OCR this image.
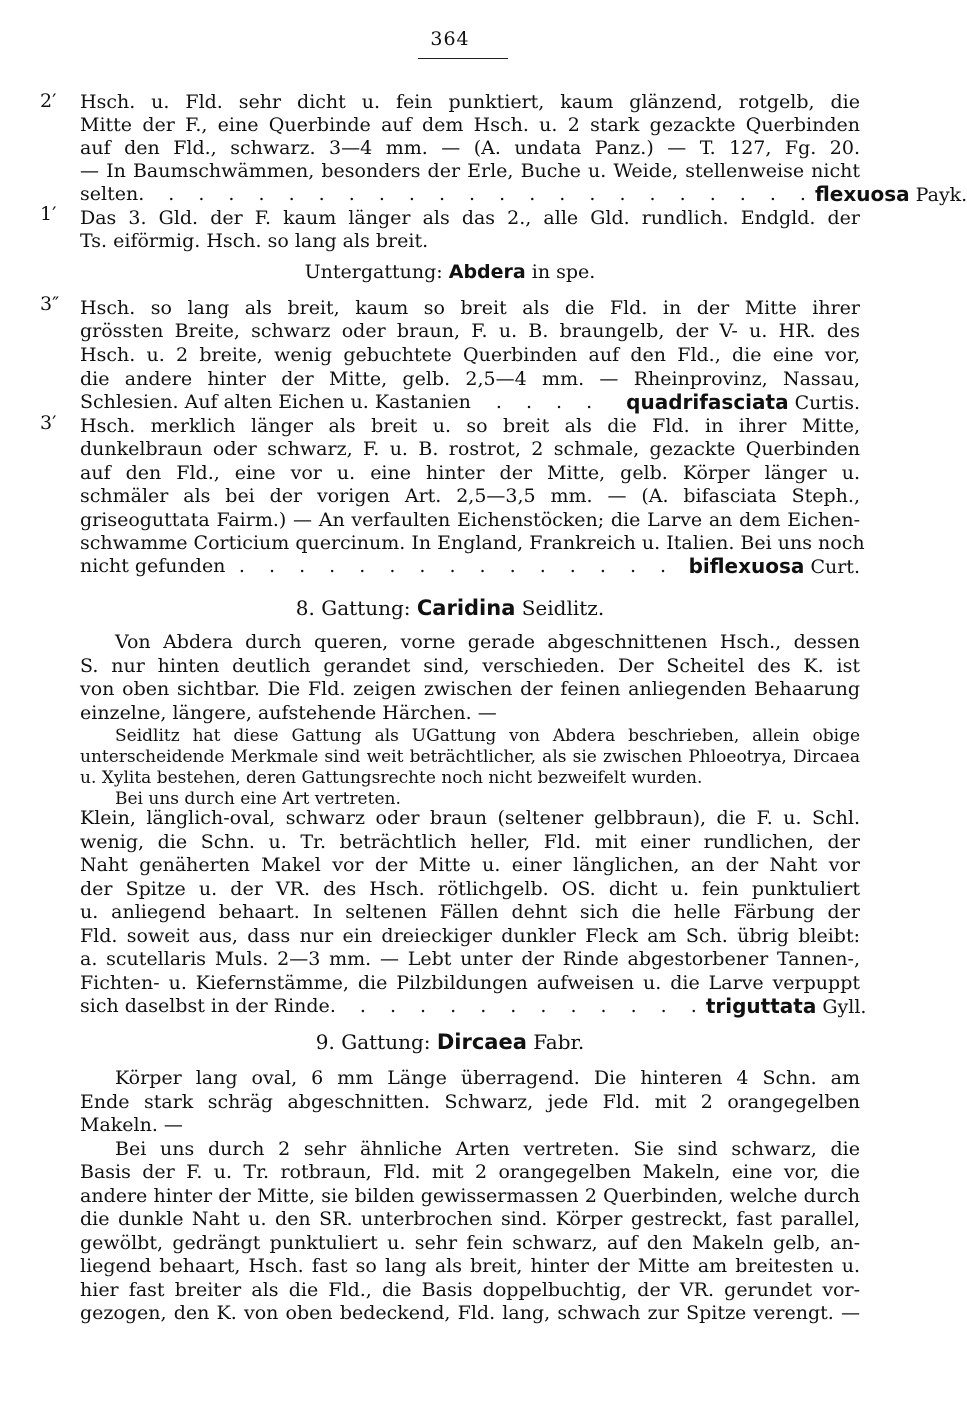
364
2′
1′
3″
3′
Untergattung: Abdera in spe.
8. Gattung: Caridina Seidlitz.
9. Gattung: Dircaea Fabr.
Hsch. u. Fld. sehr dicht u. fein punktiert, kaum glänzend, rotgelb, die
Mitte der F., eine Querbinde auf dem Hsch. u. 2 stark gezackte Querbinden
auf den Fld., schwarz. 3—4 mm. — (A. undata Panz.) — T. 127, Fg. 20.
— In Baumschwämmen, besonders der Erle, Buche u. Weide, stellenweise nicht
selten . . . . . . . . . . . . . . . . . . . . . . . flexuosa Payk.
Das 3. Gld. der F. kaum länger als das 2., alle Gld. rundlich. Endgld. der
Ts. eiförmig. Hsch. so lang als breit.
Hsch. so lang als breit, kaum so breit als die Fld. in der Mitte ihrer
grössten Breite, schwarz oder braun, F. u. B. braungelb, der V- u. HR. des
Hsch. u. 2 breite, wenig gebuchtete Querbinden auf den Fld., die eine vor,
die andere hinter der Mitte, gelb. 2,5—4 mm. — Rheinprovinz, Nassau,
Schlesien. Auf alten Eichen u. Kastanien . . . . quadrifasciata Curtis.
Hsch. merklich länger als breit u. so breit als die Fld. in ihrer Mitte,
dunkelbraun oder schwarz, F. u. B. rostrot, 2 schmale, gezackte Querbinden
auf den Fld., eine vor u. eine hinter der Mitte, gelb. Körper länger u.
schmäler als bei der vorigen Art. 2,5—3,5 mm. — (A. bifasciata Steph.,
griseoguttata Fairm.) — An verfaulten Eichenstöcken; die Larve an dem Eichen-
schwamme Corticium quercinum. In England, Frankreich u. Italien. Bei uns noch
nicht gefunden . . . . . . . . . . . . . . . biflexuosa Curt.
Von Abdera durch queren, vorne gerade abgeschnittenen Hsch., dessen
S. nur hinten deutlich gerandet sind, verschieden. Der Scheitel des K. ist
von oben sichtbar. Die Fld. zeigen zwischen der feinen anliegenden Behaarung
einzelne, längere, aufstehende Härchen. —
Seidlitz hat diese Gattung als UGattung von Abdera beschrieben, allein obige
unterscheidende Merkmale sind weit beträchtlicher, als sie zwischen Phloeotrya, Dircaea
u. Xylita bestehen, deren Gattungsrechte noch nicht bezweifelt wurden.
Bei uns durch eine Art vertreten.
Klein, länglich-oval, schwarz oder braun (seltener gelbbraun), die F. u. Schl.
wenig, die Schn. u. Tr. beträchtlich heller, Fld. mit einer rundlichen, der
Naht genäherten Makel vor der Mitte u. einer länglichen, an der Naht vor
der Spitze u. der VR. des Hsch. rötlichgelb. OS. dicht u. fein punktuliert
u. anliegend behaart. In seltenen Fällen dehnt sich die helle Färbung der
Fld. soweit aus, dass nur ein dreieckiger dunkler Fleck am Sch. übrig bleibt:
a. scutellaris Muls. 2—3 mm. — Lebt unter der Rinde abgestorbener Tannen-,
Fichten- u. Kiefernstämme, die Pilzbildungen aufweisen u. die Larve verpuppt
sich daselbst in der Rinde . . . . . . . . . . . . . triguttata Gyll.
Körper lang oval, 6 mm Länge überragend. Die hinteren 4 Schn. am
Ende stark schräg abgeschnitten. Schwarz, jede Fld. mit 2 orangegelben
Makeln. —
Bei uns durch 2 sehr ähnliche Arten vertreten. Sie sind schwarz, die
Basis der F. u. Tr. rotbraun, Fld. mit 2 orangegelben Makeln, eine vor, die
andere hinter der Mitte, sie bilden gewissermassen 2 Querbinden, welche durch
die dunkle Naht u. den SR. unterbrochen sind. Körper gestreckt, fast parallel,
gewölbt, gedrängt punktuliert u. sehr fein schwarz, auf den Makeln gelb, an-
liegend behaart, Hsch. fast so lang als breit, hinter der Mitte am breitesten u.
hier fast breiter als die Fld., die Basis doppelbuchtig, der VR. gerundet vor-
gezogen, den K. von oben bedeckend, Fld. lang, schwach zur Spitze verengt. —
